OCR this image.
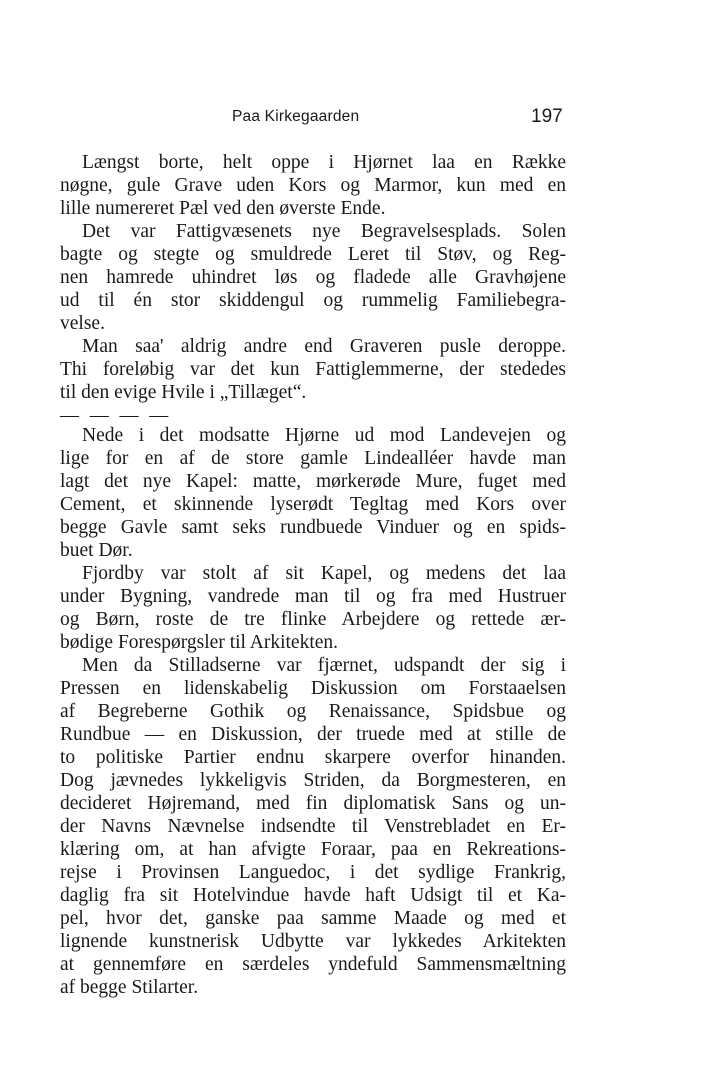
Paa Kirkegaarden	197
Længst borte, helt oppe i Hjørnet laa en Række
nøgne, gule Grave uden Kors og Marmor, kun med en
lille numereret Pæl ved den øverste Ende.
Det var Fattigvæsenets nye Begravelsesplads. Solen
bagte og stegte og smuldrede Leret til Støv, og Reg-
nen hamrede uhindret løs og fladede alle Gravhøjene
ud til én stor skiddengul og rummelig Familiebegra-
velse.
Man saa' aldrig andre end Graveren pusle deroppe.
Thi foreløbig var det kun Fattiglemmerne, der stededes
til den evige Hvile i „Tillæget“.
— — — —
Nede i det modsatte Hjørne ud mod Landevejen og
lige for en af de store gamle Lindealléer havde man
lagt det nye Kapel: matte, mørkerøde Mure, fuget med
Cement, et skinnende lyserødt Tegltag med Kors over
begge Gavle samt seks rundbuede Vinduer og en spids-
buet Dør.
Fjordby var stolt af sit Kapel, og medens det laa
under Bygning, vandrede man til og fra med Hustruer
og Børn, roste de tre flinke Arbejdere og rettede ær-
bødige Forespørgsler til Arkitekten.
Men da Stilladserne var fjærnet, udspandt der sig i
Pressen en lidenskabelig Diskussion om Forstaaelsen
af Begreberne Gothik og Renaissance, Spidsbue og
Rundbue — en Diskussion, der truede med at stille de
to politiske Partier endnu skarpere overfor hinanden.
Dog jævnedes lykkeligvis Striden, da Borgmesteren, en
decideret Højremand, med fin diplomatisk Sans og un-
der Navns Nævnelse indsendte til Venstrebladet en Er-
klæring om, at han afvigte Foraar, paa en Rekreations-
rejse i Provinsen Languedoc, i det sydlige Frankrig,
daglig fra sit Hotelvindue havde haft Udsigt til et Ka-
pel, hvor det, ganske paa samme Maade og med et
lignende kunstnerisk Udbytte var lykkedes Arkitekten
at gennemføre en særdeles yndefuld Sammensmæltning
af begge Stilarter.
